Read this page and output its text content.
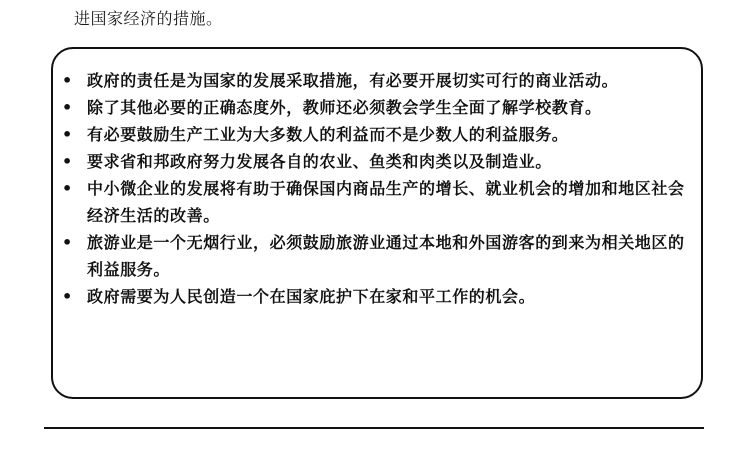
进国家经济的措施。
• 政府的责任是为国家的发展采取措施，有必要开展切实可行的商业活动。
• 除了其他必要的正确态度外，教师还必须教会学生全面了解学校教育。
• 有必要鼓励生产工业为大多数人的利益而不是少数人的利益服务。
• 要求省和邦政府努力发展各自的农业、鱼类和肉类以及制造业。
• 中小微企业的发展将有助于确保国内商品生产的增长、就业机会的增加和地区社会经济生活的改善。
• 旅游业是一个无烟行业，必须鼓励旅游业通过本地和外国游客的到来为相关地区的利益服务。
• 政府需要为人民创造一个在国家庇护下在家和平工作的机会。
